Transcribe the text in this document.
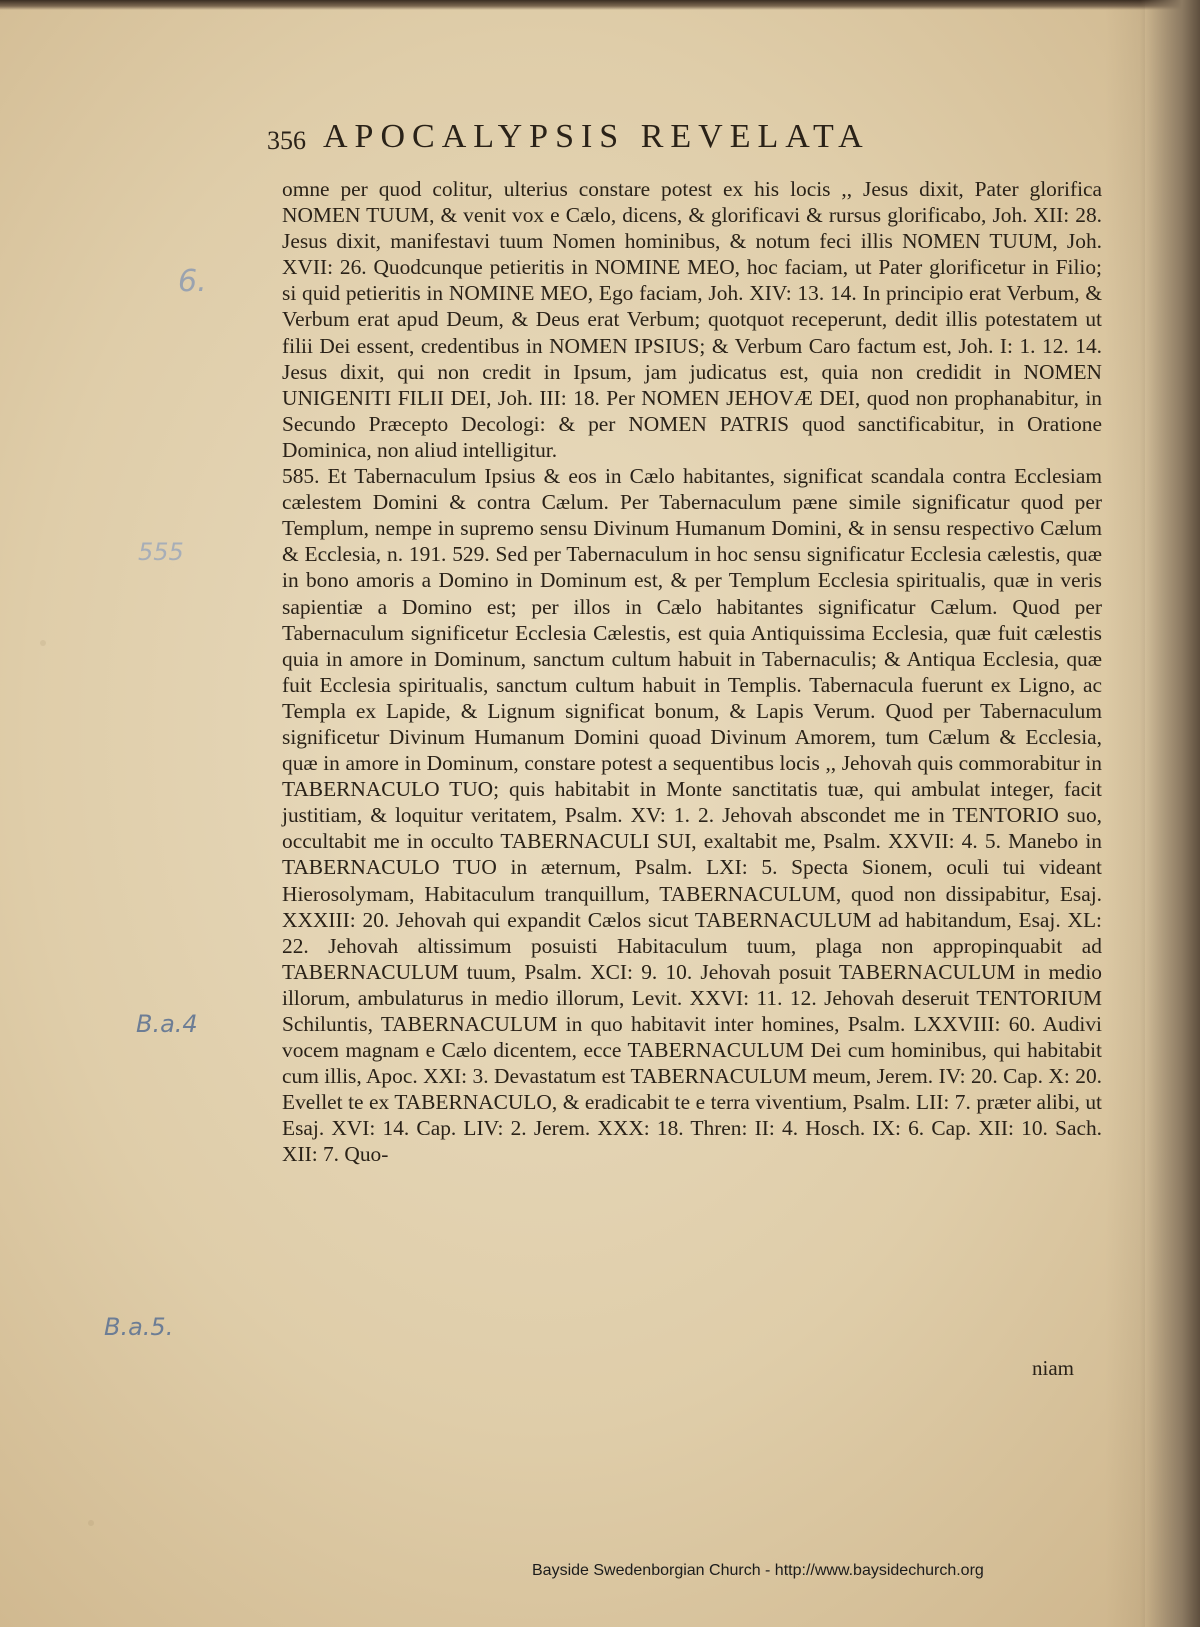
356 APOCALYPSIS REVELATA

omne per quod colitur, ulterius constare potest ex his locis ,, Jesus dixit, Pater glorifica NOMEN TUUM, & venit vox e Cælo, dicens, & glorificavi & rursus glorificabo, Joh. XII: 28. Jesus dixit, manifestavi tuum Nomen hominibus, & notum feci illis NOMEN TUUM, Joh. XVII: 26. Quodcunque petieritis in NOMINE MEO, hoc faciam, ut Pater glorificetur in Filio; si quid petieritis in NOMINE MEO, Ego faciam, Joh. XIV: 13. 14. In principio erat Verbum, & Verbum erat apud Deum, & Deus erat Verbum; quotquot receperunt, dedit illis potestatem ut filii Dei essent, credentibus in NOMEN IPSIUS; & Verbum Caro factum est, Joh. I: 1. 12. 14. Jesus dixit, qui non credit in Ipsum, jam judicatus est, quia non credidit in NOMEN UNIGENITI FILII DEI, Joh. III: 18. Per NOMEN JEHOVÆ DEI, quod non prophanabitur, in Secundo Præcepto Decologi: & per NOMEN PATRIS quod sanctificabitur, in Oratione Dominica, non aliud intelligitur.

585. Et Tabernaculum Ipsius & eos in Cælo habitantes, significat scandala contra Ecclesiam cælestem Domini & contra Cælum. Per Tabernaculum pæne simile significatur quod per Templum, nempe in supremo sensu Divinum Humanum Domini, & in sensu respectivo Cælum & Ecclesia, n. 191. 529. Sed per Tabernaculum in hoc sensu significatur Ecclesia cælestis, quæ in bono amoris a Domino in Dominum est, & per Templum Ecclesia spiritualis, quæ in veris sapientiæ a Domino est; per illos in Cælo habitantes significatur Cælum. Quod per Tabernaculum significetur Ecclesia Cælestis, est quia Antiquissima Ecclesia, quæ fuit cælestis quia in amore in Dominum, sanctum cultum habuit in Tabernaculis; & Antiqua Ecclesia, quæ fuit Ecclesia spiritualis, sanctum cultum habuit in Templis. Tabernacula fuerunt ex Ligno, ac Templa ex Lapide, & Lignum significat bonum, & Lapis Verum. Quod per Tabernaculum significetur Divinum Humanum Domini quoad Divinum Amorem, tum Cælum & Ecclesia, quæ in amore in Dominum, constare potest a sequentibus locis ,, Jehovah quis commorabitur in TABERNACULO TUO; quis habitabit in Monte sanctitatis tuæ, qui ambulat integer, facit justitiam, & loquitur veritatem, Psalm. XV: 1. 2. Jehovah abscondet me in TENTORIO suo, occultabit me in occulto TABERNACULI SUI, exaltabit me, Psalm. XXVII: 4. 5. Manebo in TABERNACULO TUO in æternum, Psalm. LXI: 5. Specta Sionem, oculi tui videant Hierosolymam, Habitaculum tranquillum, TABERNACULUM, quod non dissipabitur, Esaj. XXXIII: 20. Jehovah qui expandit Cælos sicut TABERNACULUM ad habitandum, Esaj. XL: 22. Jehovah altissimum posuisti Habitaculum tuum, plaga non appropinquabit ad TABERNACULUM tuum, Psalm. XCI: 9. 10. Jehovah posuit TABERNACULUM in medio illorum, ambulaturus in medio illorum, Levit. XXVI: 11. 12. Jehovah deseruit TENTORIUM Schiluntis, TABERNACULUM in quo habitavit inter homines, Psalm. LXXVIII: 60. Audivi vocem magnam e Cælo dicentem, ecce TABERNACULUM Dei cum hominibus, qui habitabit cum illis, Apoc. XXI: 3. Devastatum est TABERNACULUM meum, Jerem. IV: 20. Cap. X: 20. Evellet te ex TABERNACULO, & eradicabit te e terra viventium, Psalm. LII: 7. præter alibi, ut Esaj. XVI: 14. Cap. LIV: 2. Jerem. XXX: 18. Thren: II: 4. Hosch. IX: 6. Cap. XII: 10. Sach. XII: 7. Quo-

niam
6.
555
B.a.4
B.a.5.
Bayside Swedenborgian Church - http://www.baysidechurch.org
